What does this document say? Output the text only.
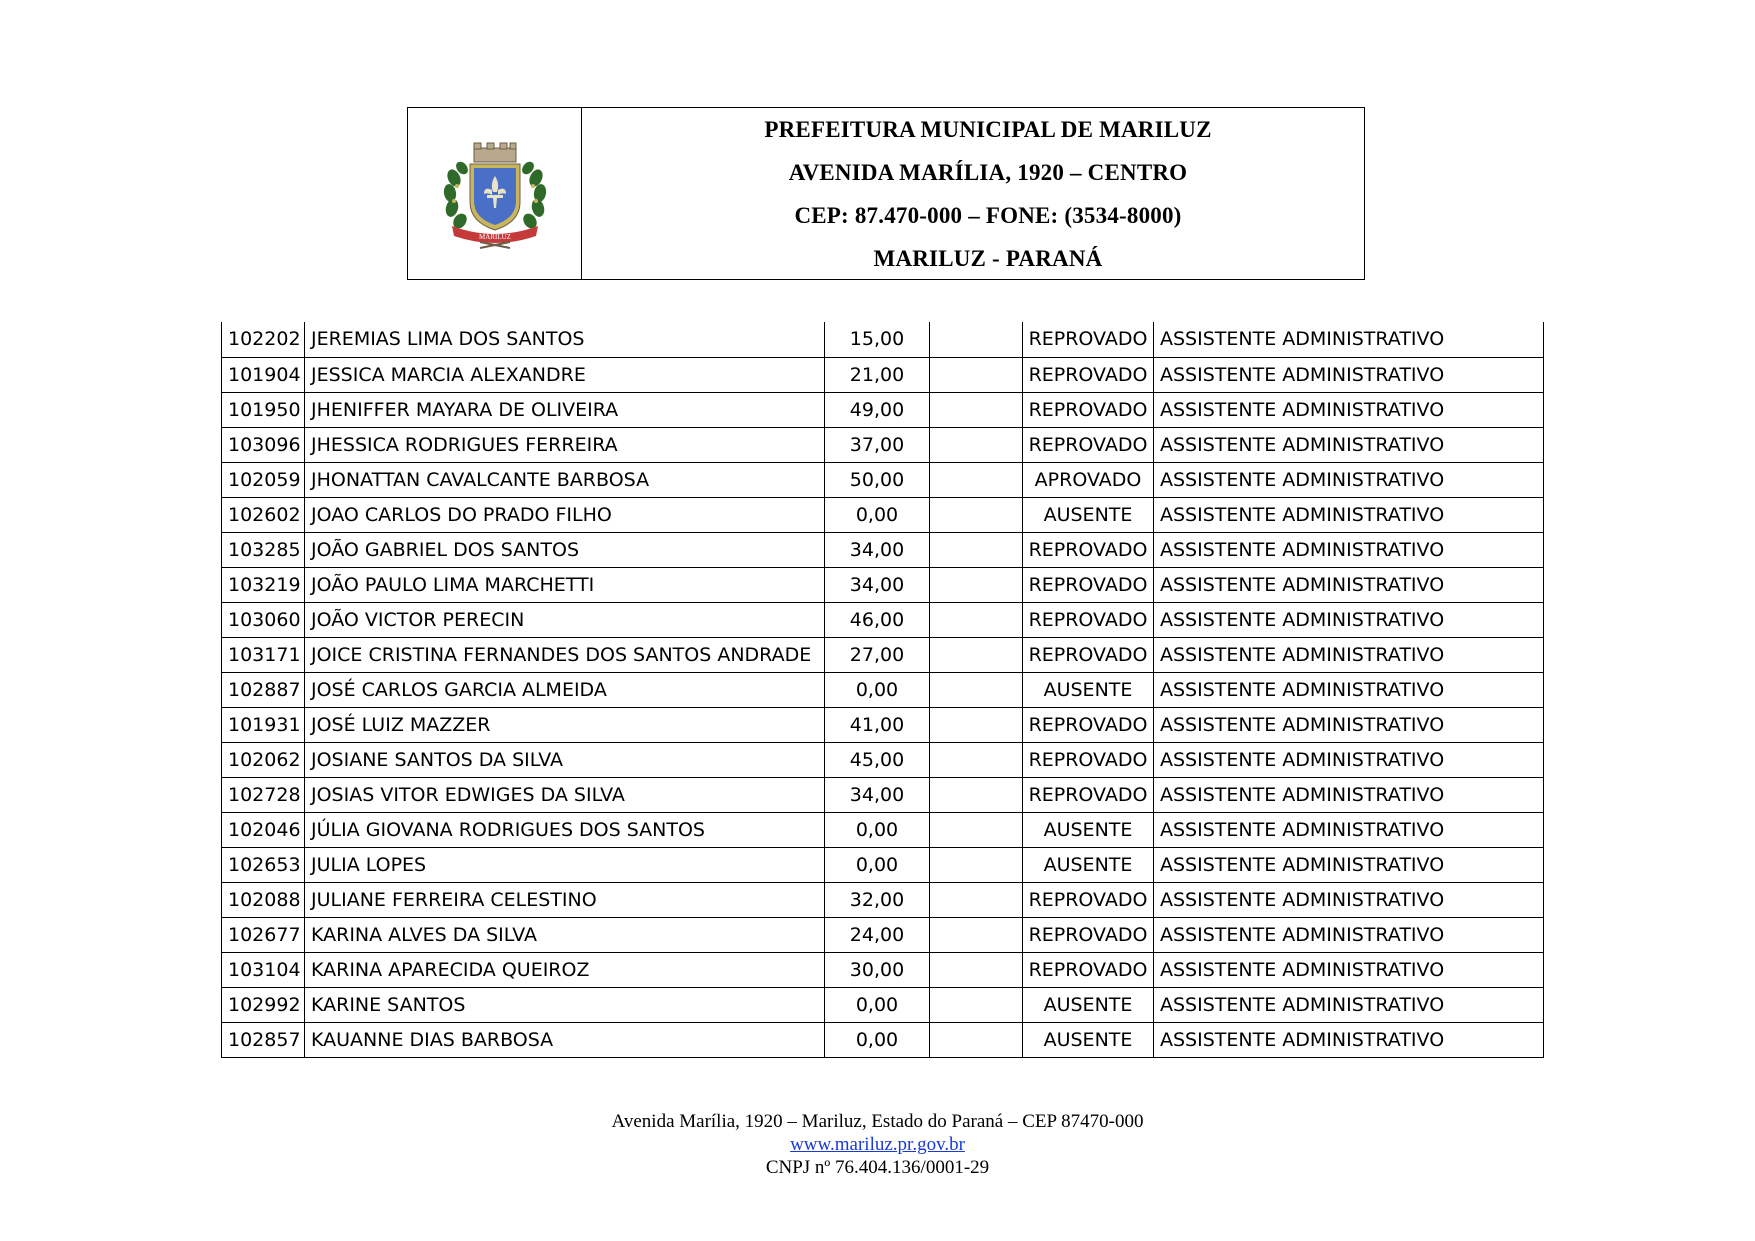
MARILUZ
PREFEITURA MUNICIPAL DE MARILUZ
AVENIDA MARÍLIA, 1920 – CENTRO
CEP: 87.470-000 – FONE: (3534-8000)
MARILUZ - PARANÁ
102202	JEREMIAS LIMA DOS SANTOS	15,00		REPROVADO	ASSISTENTE ADMINISTRATIVO
101904	JESSICA MARCIA ALEXANDRE	21,00		REPROVADO	ASSISTENTE ADMINISTRATIVO
101950	JHENIFFER MAYARA DE OLIVEIRA	49,00		REPROVADO	ASSISTENTE ADMINISTRATIVO
103096	JHESSICA RODRIGUES FERREIRA	37,00		REPROVADO	ASSISTENTE ADMINISTRATIVO
102059	JHONATTAN CAVALCANTE BARBOSA	50,00		APROVADO	ASSISTENTE ADMINISTRATIVO
102602	JOAO CARLOS DO PRADO FILHO	0,00		AUSENTE	ASSISTENTE ADMINISTRATIVO
103285	JOÃO GABRIEL DOS SANTOS	34,00		REPROVADO	ASSISTENTE ADMINISTRATIVO
103219	JOÃO PAULO LIMA MARCHETTI	34,00		REPROVADO	ASSISTENTE ADMINISTRATIVO
103060	JOÃO VICTOR PERECIN	46,00		REPROVADO	ASSISTENTE ADMINISTRATIVO
103171	JOICE CRISTINA FERNANDES DOS SANTOS ANDRADE	27,00		REPROVADO	ASSISTENTE ADMINISTRATIVO
102887	JOSÉ CARLOS GARCIA ALMEIDA	0,00		AUSENTE	ASSISTENTE ADMINISTRATIVO
101931	JOSÉ LUIZ MAZZER	41,00		REPROVADO	ASSISTENTE ADMINISTRATIVO
102062	JOSIANE SANTOS DA SILVA	45,00		REPROVADO	ASSISTENTE ADMINISTRATIVO
102728	JOSIAS VITOR EDWIGES DA SILVA	34,00		REPROVADO	ASSISTENTE ADMINISTRATIVO
102046	JÚLIA GIOVANA RODRIGUES DOS SANTOS	0,00		AUSENTE	ASSISTENTE ADMINISTRATIVO
102653	JULIA LOPES	0,00		AUSENTE	ASSISTENTE ADMINISTRATIVO
102088	JULIANE FERREIRA CELESTINO	32,00		REPROVADO	ASSISTENTE ADMINISTRATIVO
102677	KARINA ALVES DA SILVA	24,00		REPROVADO	ASSISTENTE ADMINISTRATIVO
103104	KARINA APARECIDA QUEIROZ	30,00		REPROVADO	ASSISTENTE ADMINISTRATIVO
102992	KARINE SANTOS	0,00		AUSENTE	ASSISTENTE ADMINISTRATIVO
102857	KAUANNE DIAS BARBOSA	0,00		AUSENTE	ASSISTENTE ADMINISTRATIVO
Avenida Marília, 1920 – Mariluz, Estado do Paraná – CEP 87470-000
www.mariluz.pr.gov.br
CNPJ nº 76.404.136/0001-29
